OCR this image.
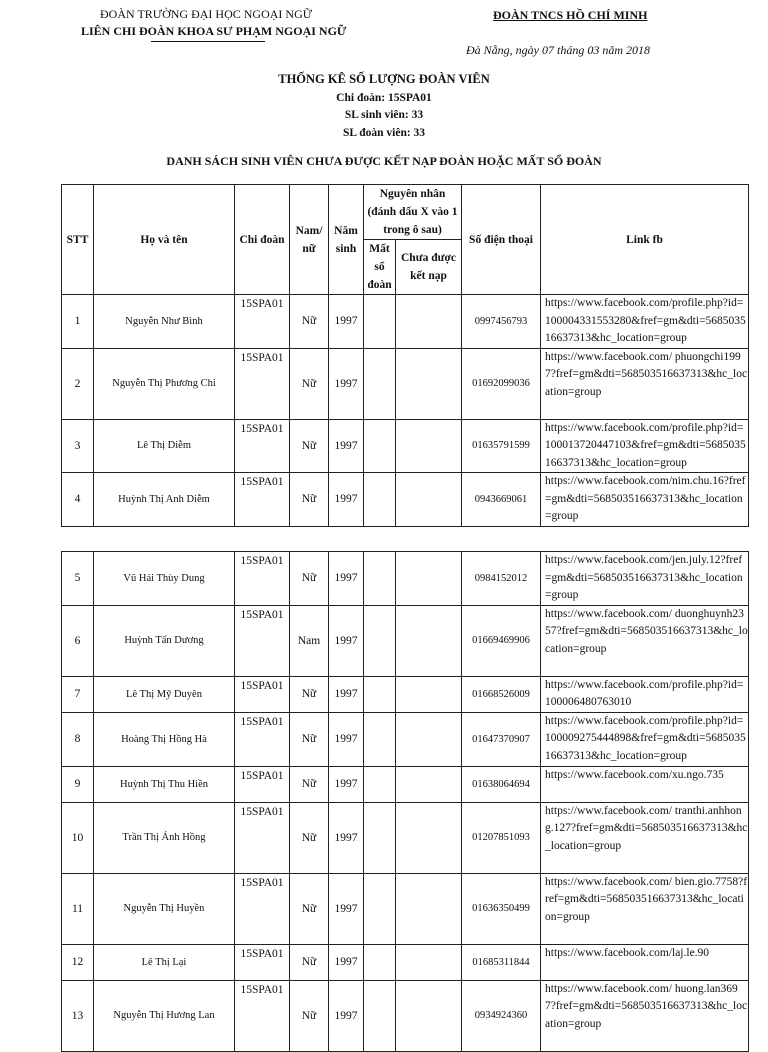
ĐOÀN TRƯỜNG ĐẠI HỌC NGOẠI NGỮ
LIÊN CHI ĐOÀN KHOA SƯ PHẠM NGOẠI NGỮ
ĐOÀN TNCS HỒ CHÍ MINH
Đà Nẵng, ngày 07 tháng 03 năm 2018
THỐNG KÊ SỐ LƯỢNG ĐOÀN VIÊN
Chi đoàn: 15SPA01
SL sinh viên: 33
SL đoàn viên: 33
DANH SÁCH SINH VIÊN CHƯA ĐƯỢC KẾT NẠP ĐOÀN HOẶC MẤT SỔ ĐOÀN
STT	Họ và tên	Chi đoàn	Nam/ nữ	Năm sinh	Nguyên nhân (đánh dấu X vào 1 trong ô sau)		Số điện thoại	Link fb
					Mất sổ đoàn	Chưa được kết nạp		
1	Nguyễn Như Bình	15SPA01	Nữ	1997			0997456793	https://www.facebook.com/profile.php?id=100004331553280&fref=gm&dti=568503516637313&hc_location=group
2	Nguyễn Thị Phương Chi	15SPA01	Nữ	1997			01692099036	https://www.facebook.com/ phuongchi1997?fref=gm&dti=568503516637313&hc_location=group
3	Lê Thị Diễm	15SPA01	Nữ	1997			01635791599	https://www.facebook.com/profile.php?id=100013720447103&fref=gm&dti=568503516637313&hc_location=group
4	Huỳnh Thị Anh Diễm	15SPA01	Nữ	1997			0943669061	https://www.facebook.com/nim.chu.16?fref=gm&dti=568503516637313&hc_location=group
5	Vũ Hải Thùy Dung	15SPA01	Nữ	1997			0984152012	https://www.facebook.com/jen.july.12?fref=gm&dti=568503516637313&hc_location=group
6	Huỳnh Tấn Dương	15SPA01	Nam	1997			01669469906	https://www.facebook.com/ duonghuynh2357?fref=gm&dti=568503516637313&hc_location=group
7	Lê Thị Mỹ Duyên	15SPA01	Nữ	1997			01668526009	https://www.facebook.com/profile.php?id=100006480763010
8	Hoàng Thị Hồng Hà	15SPA01	Nữ	1997			01647370907	https://www.facebook.com/profile.php?id=100009275444898&fref=gm&dti=568503516637313&hc_location=group
9	Huỳnh Thị Thu Hiền	15SPA01	Nữ	1997			01638064694	https://www.facebook.com/xu.ngo.735
10	Trần Thị Ánh Hồng	15SPA01	Nữ	1997			01207851093	https://www.facebook.com/ tranthi.anhhong.127?fref=gm&dti=568503516637313&hc_location=group
11	Nguyễn Thị Huyền	15SPA01	Nữ	1997			01636350499	https://www.facebook.com/ bien.gio.7758?fref=gm&dti=568503516637313&hc_location=group
12	Lê Thị Lại	15SPA01	Nữ	1997			01685311844	https://www.facebook.com/laj.le.90
13	Nguyễn Thị Hương Lan	15SPA01	Nữ	1997			0934924360	https://www.facebook.com/ huong.lan3697?fref=gm&dti=568503516637313&hc_location=group
